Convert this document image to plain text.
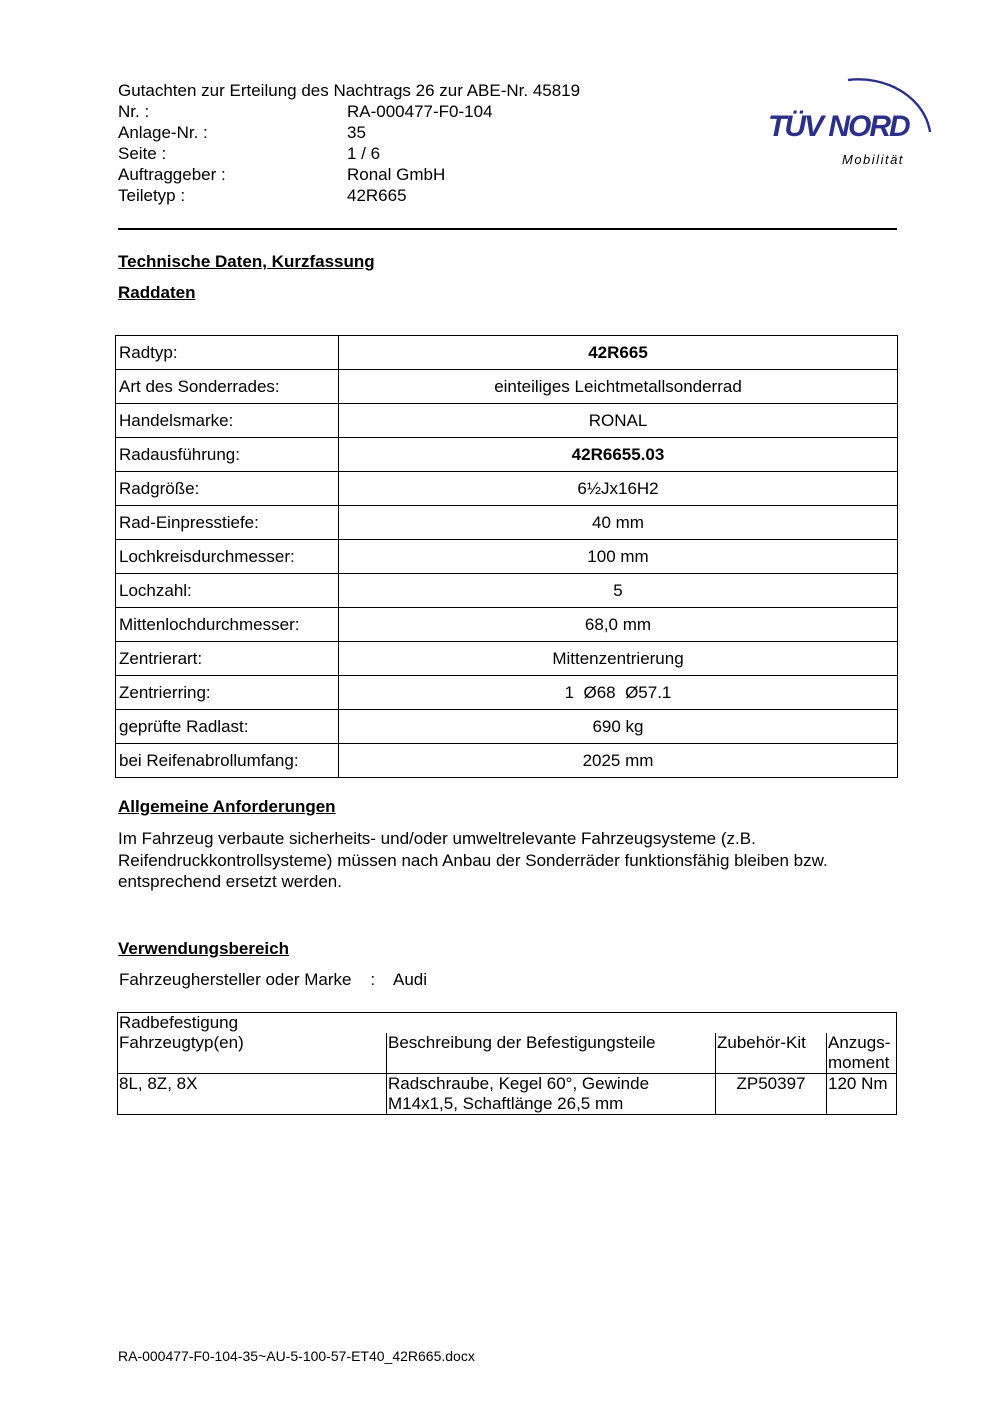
Gutachten zur Erteilung des Nachtrags 26 zur ABE-Nr. 45819
Nr. :	RA-000477-F0-104
Anlage-Nr. :	35
Seite :	1 / 6
Auftraggeber :	Ronal GmbH
Teiletyp :	42R665
TÜV NORD
Mobilität
Technische Daten, Kurzfassung
Raddaten
Radtyp:	42R665
Art des Sonderrades:	einteiliges Leichtmetallsonderrad
Handelsmarke:	RONAL
Radausführung:	42R6655.03
Radgröße:	6½Jx16H2
Rad-Einpresstiefe:	40 mm
Lochkreisdurchmesser:	100 mm
Lochzahl:	5
Mittenlochdurchmesser:	68,0 mm
Zentrierart:	Mittenzentrierung
Zentrierring:	1  Ø68  Ø57.1
geprüfte Radlast:	690 kg
bei Reifenabrollumfang:	2025 mm
Allgemeine Anforderungen
Im Fahrzeug verbaute sicherheits- und/oder umweltrelevante Fahrzeugsysteme (z.B. Reifendruckkontrollsysteme) müssen nach Anbau der Sonderräder funktionsfähig bleiben bzw. entsprechend ersetzt werden.
Verwendungsbereich
Fahrzeughersteller oder Marke : Audi
Radbefestigung			
Fahrzeugtyp(en)	Beschreibung der Befestigungsteile	Zubehör-Kit	Anzugs-​moment
8L, 8Z, 8X	Radschraube, Kegel 60°, Gewinde M14x1,5, Schaftlänge 26,5 mm	ZP50397	120 Nm
RA-000477-F0-104-35~AU-5-100-57-ET40_42R665.docx
